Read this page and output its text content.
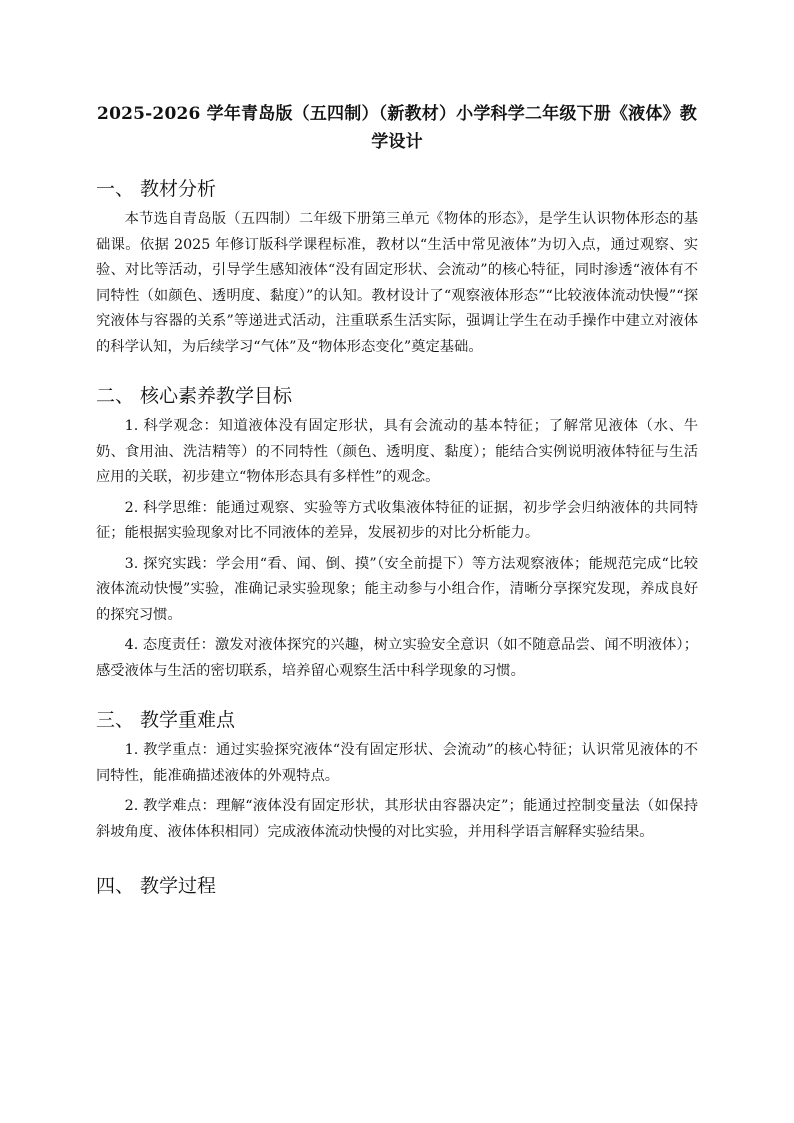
2025-2026 学年青岛版（五四制）（新教材）小学科学二年级下册《液体》教学设计
一、 教材分析

本节选自青岛版（五四制）二年级下册第三单元《物体的形态》，是学生认识物体形态的基础课。依据 2025 年修订版科学课程标准，教材以“生活中常见液体”为切入点，通过观察、实验、对比等活动，引导学生感知液体“没有固定形状、会流动”的核心特征，同时渗透“液体有不同特性（如颜色、透明度、黏度）”的认知。教材设计了“观察液体形态”“比较液体流动快慢”“探究液体与容器的关系”等递进式活动，注重联系生活实际，强调让学生在动手操作中建立对液体的科学认知，为后续学习“气体”及“物体形态变化”奠定基础。

二、 核心素养教学目标

1. 科学观念：知道液体没有固定形状，具有会流动的基本特征；了解常见液体（水、牛奶、食用油、洗洁精等）的不同特性（颜色、透明度、黏度）；能结合实例说明液体特征与生活应用的关联，初步建立“物体形态具有多样性”的观念。

2. 科学思维：能通过观察、实验等方式收集液体特征的证据，初步学会归纳液体的共同特征；能根据实验现象对比不同液体的差异，发展初步的对比分析能力。

3. 探究实践：学会用“看、闻、倒、摸”（安全前提下）等方法观察液体；能规范完成“比较液体流动快慢”实验，准确记录实验现象；能主动参与小组合作，清晰分享探究发现，养成良好的探究习惯。

4. 态度责任：激发对液体探究的兴趣，树立实验安全意识（如不随意品尝、闻不明液体）；感受液体与生活的密切联系，培养留心观察生活中科学现象的习惯。

三、 教学重难点

1. 教学重点：通过实验探究液体“没有固定形状、会流动”的核心特征；认识常见液体的不同特性，能准确描述液体的外观特点。

2. 教学难点：理解“液体没有固定形状，其形状由容器决定”；能通过控制变量法（如保持斜坡角度、液体体积相同）完成液体流动快慢的对比实验，并用科学语言解释实验结果。

四、 教学过程
